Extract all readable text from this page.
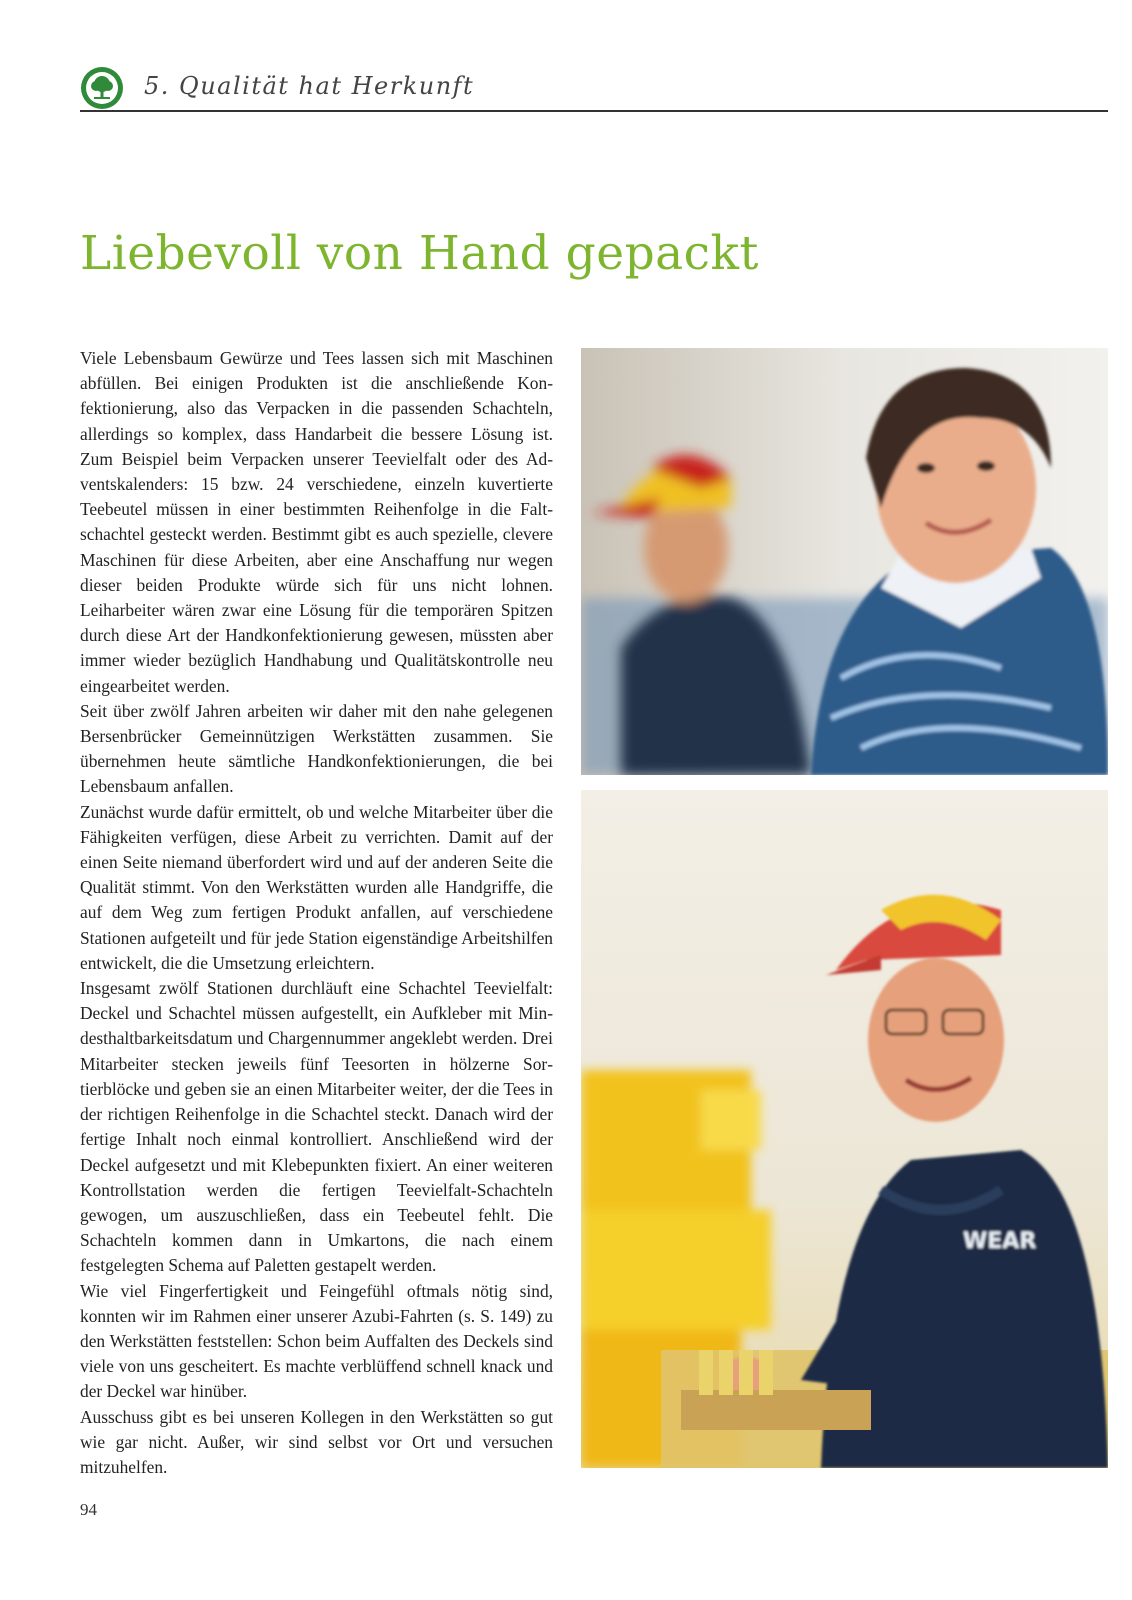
5. Qualität hat Herkunft
Liebevoll von Hand gepackt

Viele Lebensbaum Gewürze und Tees lassen sich mit Maschinen abfüllen. Bei einigen Produkten ist die anschließende Konfektionierung, also das Verpacken in die passenden Schachteln, allerdings so komplex, dass Handarbeit die bessere Lösung ist. Zum Beispiel beim Verpacken unserer Teevielfalt oder des Adventskalenders: 15 bzw. 24 verschiedene, einzeln kuvertierte Teebeutel müssen in einer bestimmten Reihenfolge in die Faltschachtel gesteckt werden. Bestimmt gibt es auch spezielle, clevere Maschinen für diese Arbeiten, aber eine Anschaffung nur wegen dieser beiden Produkte würde sich für uns nicht lohnen. Leiharbeiter wären zwar eine Lösung für die temporären Spitzen durch diese Art der Handkonfektionierung gewesen, müssten aber immer wieder bezüglich Handhabung und Qualitätskontrolle neu eingearbeitet werden.

Seit über zwölf Jahren arbeiten wir daher mit den nahe gelegenen Bersenbrücker Gemeinnützigen Werkstätten zusammen. Sie übernehmen heute sämtliche Handkonfektionierungen, die bei Lebensbaum anfallen.

Zunächst wurde dafür ermittelt, ob und welche Mitarbeiter über die Fähigkeiten verfügen, diese Arbeit zu verrichten. Damit auf der einen Seite niemand überfordert wird und auf der anderen Seite die Qualität stimmt. Von den Werkstätten wurden alle Handgriffe, die auf dem Weg zum fertigen Produkt anfallen, auf verschiedene Stationen aufgeteilt und für jede Station eigenständige Arbeitshilfen entwickelt, die die Umsetzung erleichtern.

Insgesamt zwölf Stationen durchläuft eine Schachtel Teevielfalt: Deckel und Schachtel müssen aufgestellt, ein Aufkleber mit Mindesthaltbarkeitsdatum und Chargennummer angeklebt werden. Drei Mitarbeiter stecken jeweils fünf Teesorten in hölzerne Sortierblöcke und geben sie an einen Mitarbeiter weiter, der die Tees in der richtigen Reihenfolge in die Schachtel steckt. Danach wird der fertige Inhalt noch einmal kontrolliert. Anschließend wird der Deckel aufgesetzt und mit Klebepunkten fixiert. An einer weiteren Kontrollstation werden die fertigen Teevielfalt-Schachteln gewogen, um auszuschließen, dass ein Teebeutel fehlt. Die Schachteln kommen dann in Umkartons, die nach einem festgelegten Schema auf Paletten gestapelt werden.

Wie viel Fingerfertigkeit und Feingefühl oftmals nötig sind, konnten wir im Rahmen einer unserer Azubi-Fahrten (s. S. 149) zu den Werkstätten feststellen: Schon beim Auffalten des Deckels sind viele von uns gescheitert. Es machte verblüffend schnell knack und der Deckel war hinüber.

Ausschuss gibt es bei unseren Kollegen in den Werkstätten so gut wie gar nicht. Außer, wir sind selbst vor Ort und versuchen mitzuhelfen.

WEAR
94
